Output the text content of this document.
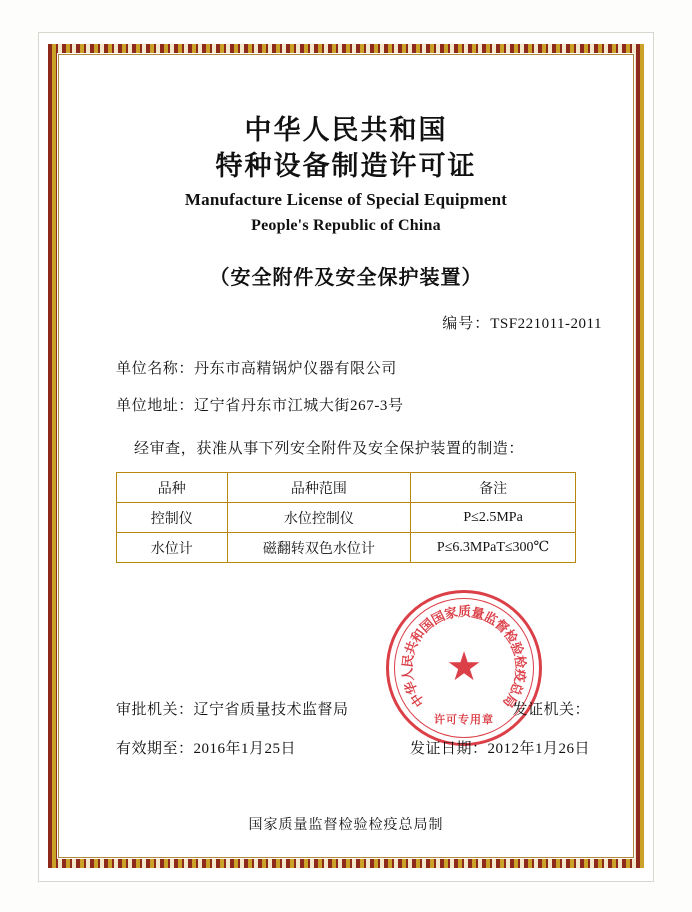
中华人民共和国
特种设备制造许可证
Manufacture License of Special Equipment
People's Republic of China
（安全附件及安全保护装置）
编号：TSF221011-2011
单位名称：丹东市高精锅炉仪器有限公司
单位地址：辽宁省丹东市江城大街267-3号
经审查，获准从事下列安全附件及安全保护装置的制造：
品种	品种范围	备注
控制仪	水位控制仪	P≤2.5MPa
水位计	磁翻转双色水位计	P≤6.3MPaT≤300℃
中
华
人
民
共
和
国
国
家
质
量
监
督
检
验
检
疫
总
局
★
许可专用章
审批机关：辽宁省质量技术监督局	发证机关：
有效期至：2016年1月25日	发证日期：2012年1月26日
国家质量监督检验检疫总局制
